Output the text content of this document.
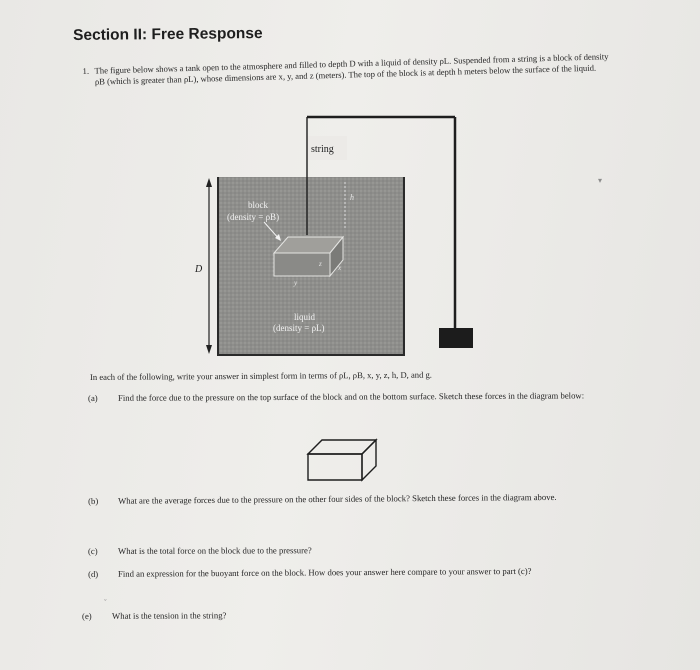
Section II: Free Response
1. The figure below shows a tank open to the atmosphere and filled to depth D with a liquid of density ρL. Suspended from a string is a block of density ρB (which is greater than ρL), whose dimensions are x, y, and z (meters). The top of the block is at depth h meters below the surface of the liquid.
D
string
h
z x
y
block
(density = ρB)
liquid
(density = ρL)
In each of the following, write your answer in simplest form in terms of ρL, ρB, x, y, z, h, D, and g.
(a) Find the force due to the pressure on the top surface of the block and on the bottom surface. Sketch these forces in the diagram below:
(b) What are the average forces due to the pressure on the other four sides of the block? Sketch these forces in the diagram above.
(c) What is the total force on the block due to the pressure?
(d) Find an expression for the buoyant force on the block. How does your answer here compare to your answer to part (c)?
(e) What is the tension in the string?
▾
ˇ
